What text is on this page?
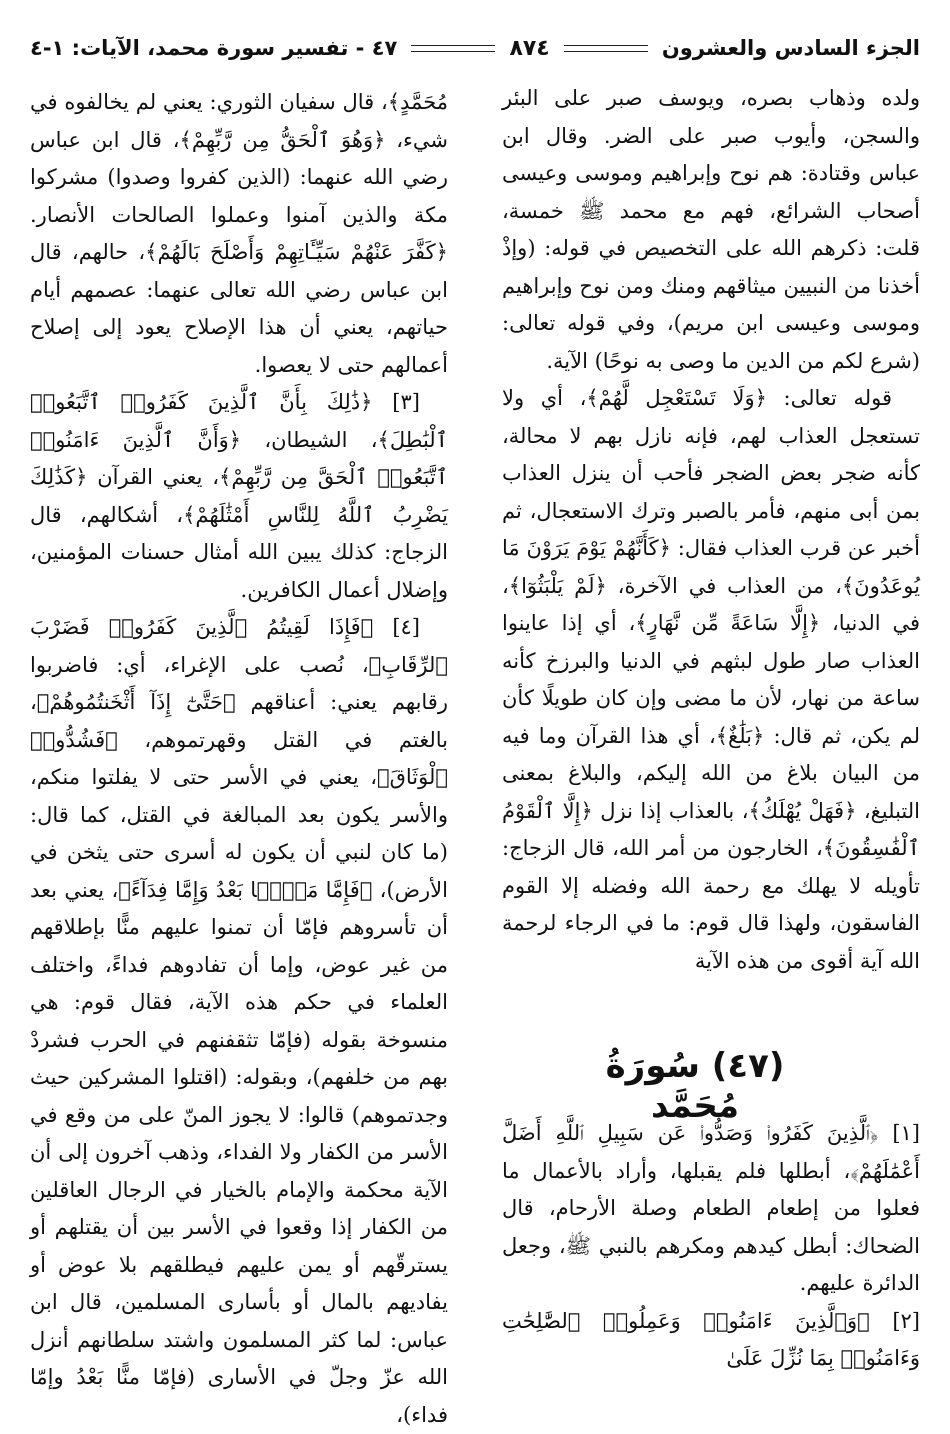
الجزء السادس والعشرون
٨٧٤
٤٧ - تفسير سورة محمد، الآيات: ١-٤

ولده وذهاب بصره، ويوسف صبر على البئر والسجن، وأيوب صبر على الضر. وقال ابن عباس وقتادة: هم نوح وإبراهيم وموسى وعيسى أصحاب الشرائع، فهم مع محمد ﷺ خمسة، قلت: ذكرهم الله على التخصيص في قوله: (وإذْ أخذنا من النبيين ميثاقهم ومنك ومن نوح وإبراهيم وموسى وعيسى ابن مريم)، وفي قوله تعالى: (شرع لكم من الدين ما وصى به نوحًا) الآية.

قوله تعالى: ﴿وَلَا تَسْتَعْجِل لَّهُمْ﴾، أي ولا تستعجل العذاب لهم، فإنه نازل بهم لا محالة، كأنه ضجر بعض الضجر فأحب أن ينزل العذاب بمن أبى منهم، فأمر بالصبر وترك الاستعجال، ثم أخبر عن قرب العذاب فقال: ﴿كَأَنَّهُمْ يَوْمَ يَرَوْنَ مَا يُوعَدُونَ﴾، من العذاب في الآخرة، ﴿لَمْ يَلْبَثُوٓا﴾، في الدنيا، ﴿إِلَّا سَاعَةً مِّن نَّهَارٍ﴾، أي إذا عاينوا العذاب صار طول لبثهم في الدنيا والبرزخ كأنه ساعة من نهار، لأن ما مضى وإن كان طويلًا كأن لم يكن، ثم قال: ﴿بَلَٰغٌ﴾، أي هذا القرآن وما فيه من البيان بلاغ من الله إليكم، والبلاغ بمعنى التبليغ، ﴿فَهَلْ يُهْلَكُ﴾، بالعذاب إذا نزل ﴿إِلَّا ٱلْقَوْمُ ٱلْفَٰسِقُونَ﴾، الخارجون من أمر الله، قال الزجاج: تأويله لا يهلك مع رحمة الله وفضله إلا القوم الفاسقون، ولهذا قال قوم: ما في الرجاء لرحمة الله آية أقوى من هذه الآية

(٤٧) سُورَةُ مُحَمَّد

[١] ﴿ٱلَّذِينَ كَفَرُوا۟ وَصَدُّوا۟ عَن سَبِيلِ ٱللَّهِ أَضَلَّ أَعْمَٰلَهُمْ﴾، أبطلها فلم يقبلها، وأراد بالأعمال ما فعلوا من إطعام الطعام وصلة الأرحام، قال الضحاك: أبطل كيدهم ومكرهم بالنبي ﷺ، وجعل الدائرة عليهم.

[٢] ﴿وَٱلَّذِينَ ءَامَنُوا۟ وَعَمِلُوا۟ ٱلصَّٰلِحَٰتِ وَءَامَنُوا۟ بِمَا نُزِّلَ عَلَىٰ

مُحَمَّدٍ﴾، قال سفيان الثوري: يعني لم يخالفوه في شيء، ﴿وَهُوَ ٱلْحَقُّ مِن رَّبِّهِمْ﴾، قال ابن عباس رضي الله عنهما: (الذين كفروا وصدوا) مشركوا مكة والذين آمنوا وعملوا الصالحات الأنصار. ﴿كَفَّرَ عَنْهُمْ سَيِّـَٔاتِهِمْ وَأَصْلَحَ بَالَهُمْ﴾، حالهم، قال ابن عباس رضي الله تعالى عنهما: عصمهم أيام حياتهم، يعني أن هذا الإصلاح يعود إلى إصلاح أعمالهم حتى لا يعصوا.

[٣] ﴿ذَٰلِكَ بِأَنَّ ٱلَّذِينَ كَفَرُوا۟ ٱتَّبَعُوا۟ ٱلْبَٰطِلَ﴾، الشيطان، ﴿وَأَنَّ ٱلَّذِينَ ءَامَنُوا۟ ٱتَّبَعُوا۟ ٱلْحَقَّ مِن رَّبِّهِمْ﴾، يعني القرآن ﴿كَذَٰلِكَ يَضْرِبُ ٱللَّهُ لِلنَّاسِ أَمْثَٰلَهُمْ﴾، أشكالهم، قال الزجاج: كذلك يبين الله أمثال حسنات المؤمنين، وإضلال أعمال الكافرين.

[٤] ﴿فَإِذَا لَقِيتُمُ ٱلَّذِينَ كَفَرُوا۟ فَضَرْبَ ٱلرِّقَابِ﴾، نُصب على الإغراء، أي: فاضربوا رقابهم يعني: أعناقهم ﴿حَتَّىٰٓ إِذَآ أَثْخَنتُمُوهُمْ﴾، بالغتم في القتل وقهرتموهم، ﴿فَشُدُّوا۟ ٱلْوَثَاقَ﴾، يعني في الأسر حتى لا يفلتوا منكم، والأسر يكون بعد المبالغة في القتل، كما قال: (ما كان لنبي أن يكون له أسرى حتى يثخن في الأرض)، ﴿فَإِمَّا مَنًّۢا بَعْدُ وَإِمَّا فِدَآءً﴾، يعني بعد أن تأسروهم فإمّا أن تمنوا عليهم منًّا بإطلاقهم من غير عوض، وإما أن تفادوهم فداءً، واختلف العلماء في حكم هذه الآية، فقال قوم: هي منسوخة بقوله (فإمّا تثقفنهم في الحرب فشردْ بهم من خلفهم)، وبقوله: (اقتلوا المشركين حيث وجدتموهم) قالوا: لا يجوز المنّ على من وقع في الأسر من الكفار ولا الفداء، وذهب آخرون إلى أن الآية محكمة والإمام بالخيار في الرجال العاقلين من الكفار إذا وقعوا في الأسر بين أن يقتلهم أو يسترقّهم أو يمن عليهم فيطلقهم بلا عوض أو يفاديهم بالمال أو بأسارى المسلمين، قال ابن عباس: لما كثر المسلمون واشتد سلطانهم أنزل الله عزّ وجلّ في الأسارى (فإمّا منًّا بَعْدُ وإمّا فداء)،
